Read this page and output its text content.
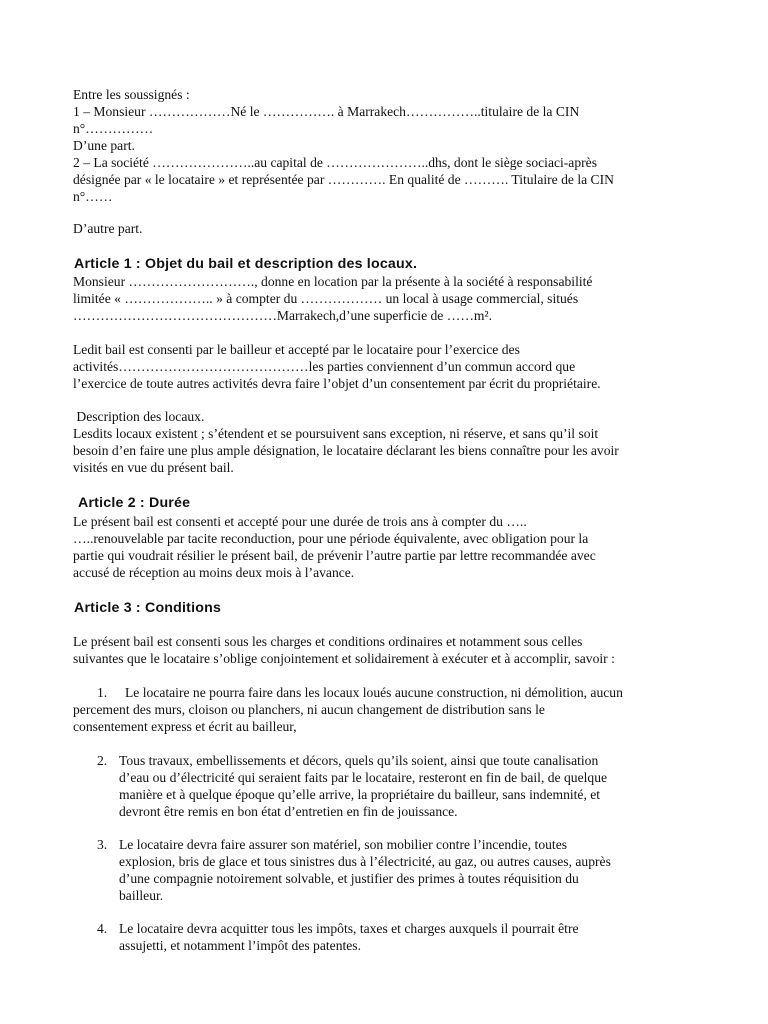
Entre les soussignés :
1 – Monsieur ………………Né le ……………. à Marrakech……………..titulaire de la CIN
n°……………
D’une part.
2 – La société …………………..au capital de …………………..dhs, dont le siège sociaci-après
désignée par « le locataire » et représentée par …………. En qualité de ………. Titulaire de la CIN
n°……
D’autre part.
Article 1 : Objet du bail et description des locaux.
Monsieur ………………………., donne en location par la présente à la société à responsabilité
limitée « ……………….. » à compter du ……………… un local à usage commercial, situés
………………………………………Marrakech,d’une superficie de ……m².
Ledit bail est consenti par le bailleur et accepté par le locataire pour l’exercice des
activités……………………………………les parties conviennent d’un commun accord que
l’exercice de toute autres activités devra faire l’objet d’un consentement par écrit du propriétaire.
Description des locaux.
Lesdits locaux existent ; s’étendent et se poursuivent sans exception, ni réserve, et sans qu’il soit
besoin d’en faire une plus ample désignation, le locataire déclarant les biens connaître pour les avoir
visités en vue du présent bail.
Article 2 : Durée
Le présent bail est consenti et accepté pour une durée de trois ans à compter du …..
…..renouvelable par tacite reconduction, pour une période équivalente, avec obligation pour la
partie qui voudrait résilier le présent bail, de prévenir l’autre partie par lettre recommandée avec
accusé de réception au moins deux mois à l’avance.
Article 3 : Conditions
Le présent bail est consenti sous les charges et conditions ordinaires et notamment sous celles
suivantes que le locataire s’oblige conjointement et solidairement à exécuter et à accomplir, savoir :
1. Le locataire ne pourra faire dans les locaux loués aucune construction, ni démolition, aucun
percement des murs, cloison ou planchers, ni aucun changement de distribution sans le
consentement express et écrit au bailleur,
2. Tous travaux, embellissements et décors, quels qu’ils soient, ainsi que toute canalisation
d’eau ou d’électricité qui seraient faits par le locataire, resteront en fin de bail, de quelque
manière et à quelque époque qu’elle arrive, la propriétaire du bailleur, sans indemnité, et
devront être remis en bon état d’entretien en fin de jouissance.
3. Le locataire devra faire assurer son matériel, son mobilier contre l’incendie, toutes
explosion, bris de glace et tous sinistres dus à l’électricité, au gaz, ou autres causes, auprès
d’une compagnie notoirement solvable, et justifier des primes à toutes réquisition du
bailleur.
4. Le locataire devra acquitter tous les impôts, taxes et charges auxquels il pourrait être
assujetti, et notamment l’impôt des patentes.
